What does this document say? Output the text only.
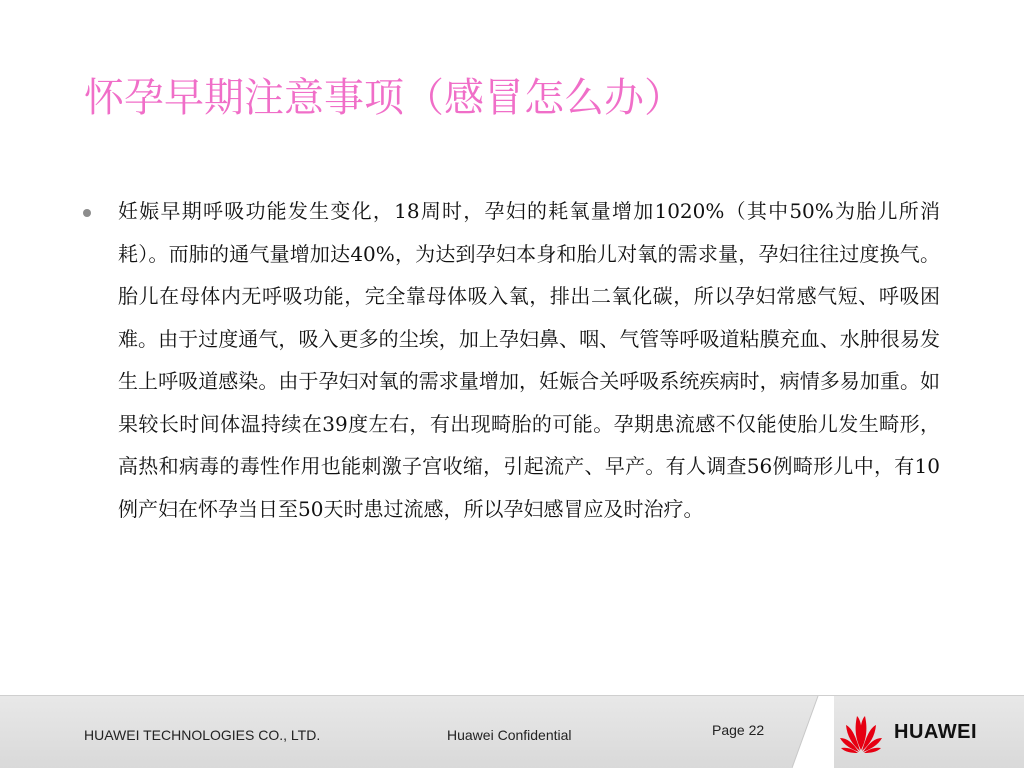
怀孕早期注意事项（感冒怎么办）
妊娠早期呼吸功能发生变化，18周时，孕妇的耗氧量增加1020%（其中50%为胎儿所消耗）。而肺的通气量增加达40%，为达到孕妇本身和胎儿对氧的需求量，孕妇往往过度换气。胎儿在母体内无呼吸功能，完全靠母体吸入氧，排出二氧化碳，所以孕妇常感气短、呼吸困难。由于过度通气，吸入更多的尘埃，加上孕妇鼻、咽、气管等呼吸道粘膜充血、水肿很易发生上呼吸道感染。由于孕妇对氧的需求量增加，妊娠合关呼吸系统疾病时，病情多易加重。如果较长时间体温持续在39度左右，有出现畸胎的可能。孕期患流感不仅能使胎儿发生畸形，高热和病毒的毒性作用也能刺激子宫收缩，引起流产、早产。有人调查56例畸形儿中，有10例产妇在怀孕当日至50天时患过流感，所以孕妇感冒应及时治疗。
HUAWEI TECHNOLOGIES CO., LTD.	Huawei Confidential	Page 22	HUAWEI
